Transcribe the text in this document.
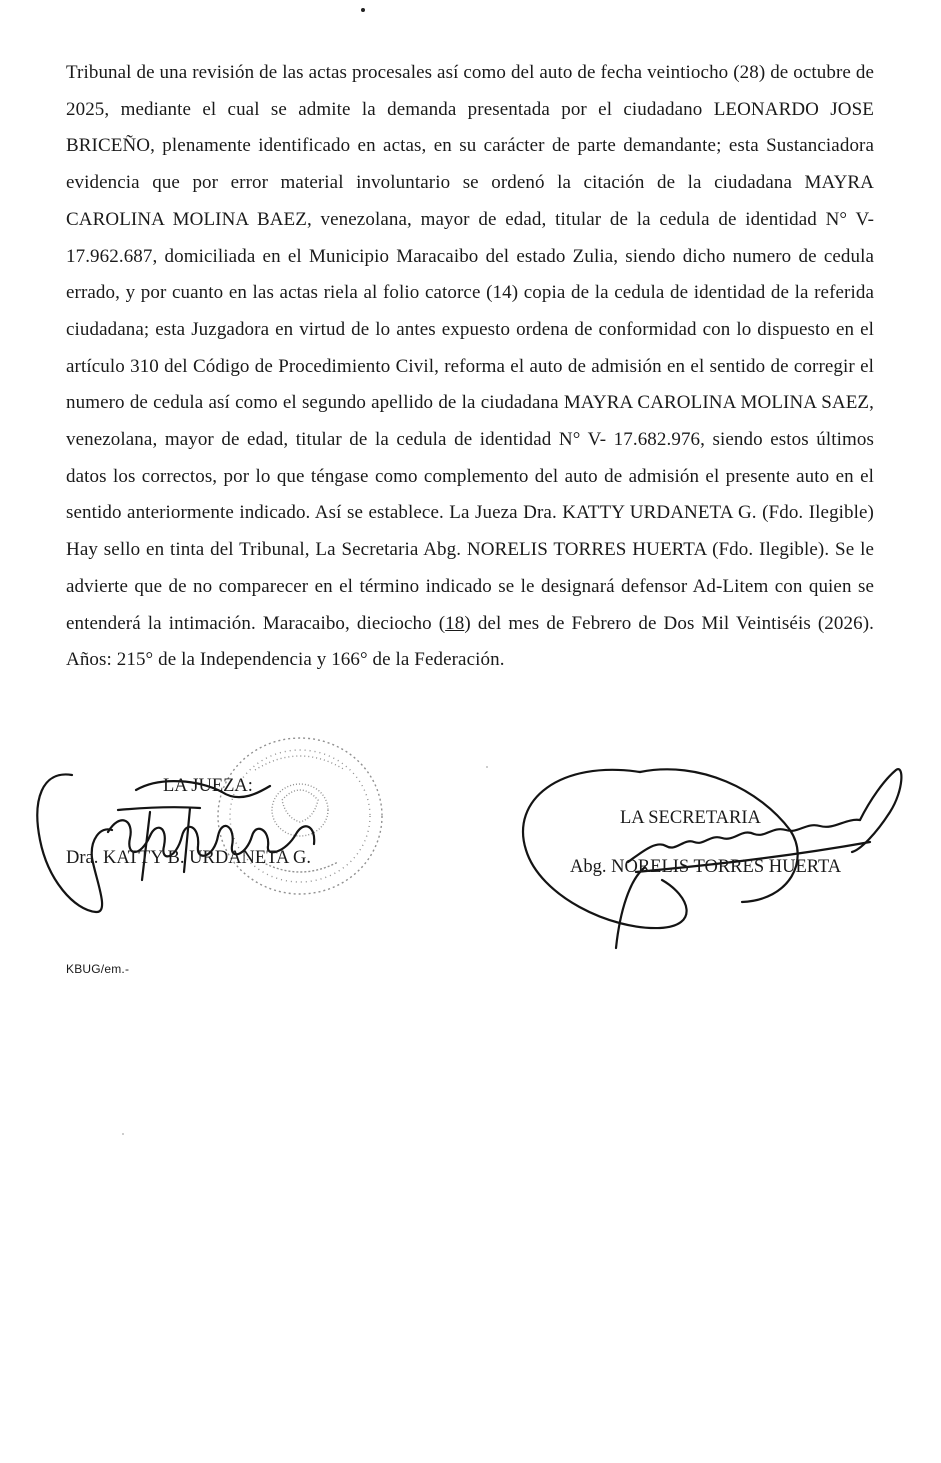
Tribunal de una revisión de las actas procesales así como del auto de fecha veintiocho (28) de octubre de 2025, mediante el cual se admite la demanda presentada por el ciudadano LEONARDO JOSE BRICEÑO, plenamente identificado en actas, en su carácter de parte demandante; esta Sustanciadora evidencia que por error material involuntario se ordenó la citación de la ciudadana MAYRA CAROLINA MOLINA BAEZ, venezolana, mayor de edad, titular de la cedula de identidad N° V- 17.962.687, domiciliada en el Municipio Maracaibo del estado Zulia, siendo dicho numero de cedula errado, y por cuanto en las actas riela al folio catorce (14) copia de la cedula de identidad de la referida ciudadana; esta Juzgadora en virtud de lo antes expuesto ordena de conformidad con lo dispuesto en el artículo 310 del Código de Procedimiento Civil, reforma el auto de admisión en el sentido de corregir el numero de cedula así como el segundo apellido de la ciudadana MAYRA CAROLINA MOLINA SAEZ, venezolana, mayor de edad, titular de la cedula de identidad N° V- 17.682.976, siendo estos últimos datos los correctos, por lo que téngase como complemento del auto de admisión el presente auto en el sentido anteriormente indicado. Así se establece. La Jueza Dra. KATTY URDANETA G. (Fdo. Ilegible) Hay sello en tinta del Tribunal, La Secretaria Abg. NORELIS TORRES HUERTA (Fdo. Ilegible). Se le advierte que de no comparecer en el término indicado se le designará defensor Ad-Litem con quien se entenderá la intimación. Maracaibo, dieciocho (18) del mes de Febrero de Dos Mil Veintiséis (2026). Años: 215° de la Independencia y 166° de la Federación.
LA JUEZA:
Dra. KATTY B. URDANETA G.
LA SECRETARIA
Abg. NORELIS TORRES HUERTA
KBUG/em.-
